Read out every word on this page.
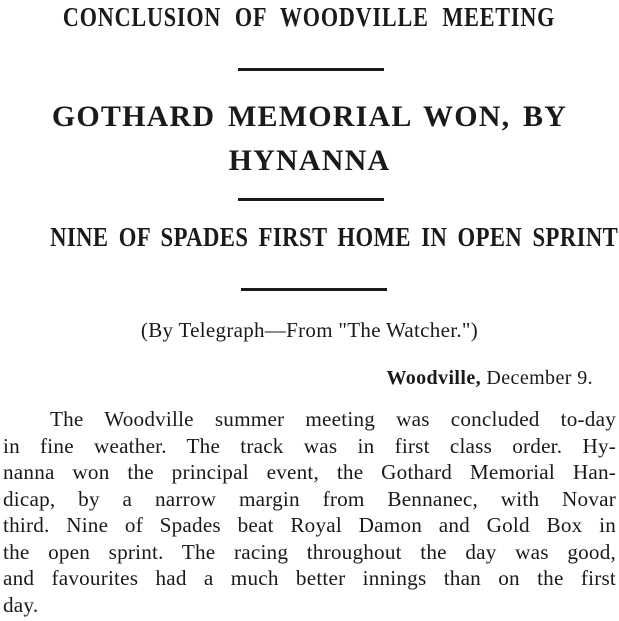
CONCLUSION OF WOODVILLE MEETING
GOTHARD MEMORIAL WON, BY
HYNANNA
NINE OF SPADES FIRST HOME IN OPEN SPRINT

(By Telegraph—From "The Watcher.")

Woodville, December 9.

The Woodville summer meeting was concluded to-day
in fine weather. The track was in first class order. Hy-
nanna won the principal event, the Gothard Memorial Han-
dicap, by a narrow margin from Bennanec, with Novar
third. Nine of Spades beat Royal Damon and Gold Box in
the open sprint. The racing throughout the day was good,
and favourites had a much better innings than on the first
day.
